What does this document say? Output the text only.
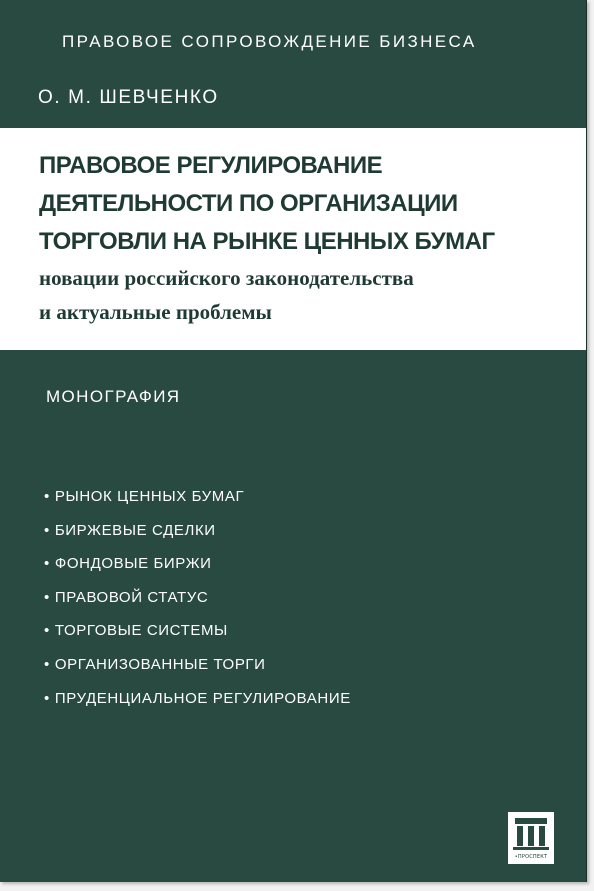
ПРАВОВОЕ СОПРОВОЖДЕНИЕ БИЗНЕСА
О. М. ШЕВЧЕНКО
ПРАВОВОЕ РЕГУЛИРОВАНИЕ
ДЕЯТЕЛЬНОСТИ ПО ОРГАНИЗАЦИИ
ТОРГОВЛИ НА РЫНКЕ ЦЕННЫХ БУМАГ
новации российского законодательства
и актуальные проблемы
МОНОГРАФИЯ
• РЫНОК ЦЕННЫХ БУМАГ
• БИРЖЕВЫЕ СДЕЛКИ
• ФОНДОВЫЕ БИРЖИ
• ПРАВОВОЙ СТАТУС
• ТОРГОВЫЕ СИСТЕМЫ
• ОРГАНИЗОВАННЫЕ ТОРГИ
• ПРУДЕНЦИАЛЬНОЕ РЕГУЛИРОВАНИЕ
•ПРОСПЕКТ
